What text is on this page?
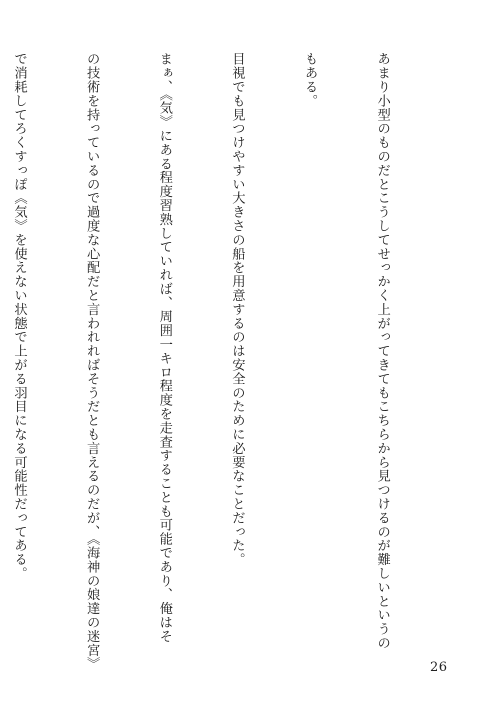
あまり小型のものだとこうしてせっかく上がってきてもこちらから見つけるのが難しいというの

もある。

目視でも見つけやすい大きさの船を用意するのは安全のために必要なことだった。

まぁ、《気》にある程度習熟していれば、周囲一キロ程度を走査することも可能であり、俺はそ

の技術を持っているので過度な心配だと言われればそうだとも言えるのだが、《海神の娘達の迷宮》

で消耗してろくすっぽ《気》を使えない状態で上がる羽目になる可能性だってある。

26
